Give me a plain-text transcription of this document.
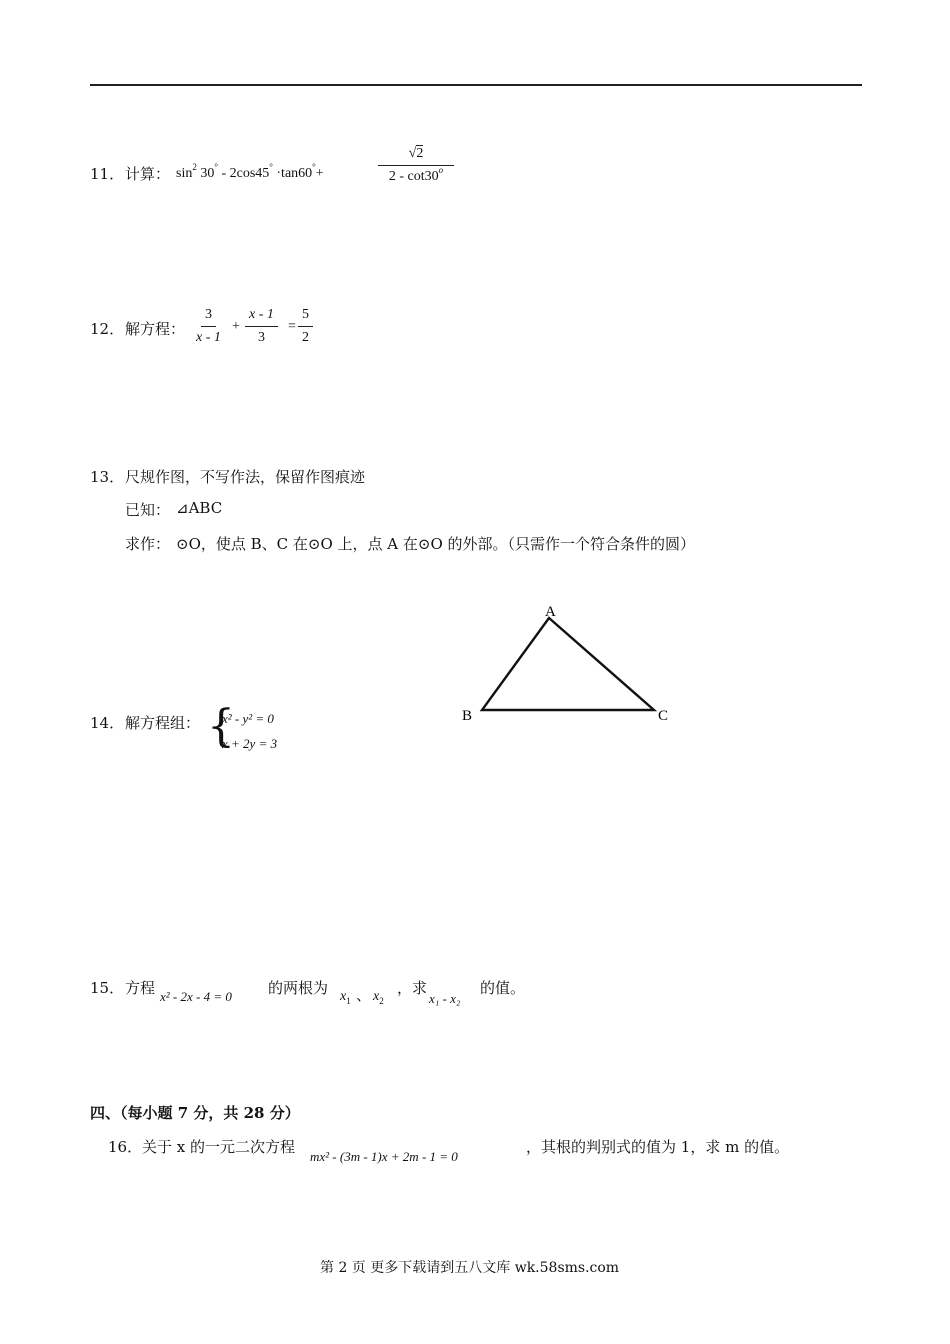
11． 计算： $\sin^2 30^\circ - 2\cos 45^\circ \cdot\tan 60^\circ+$	$\frac{√2}{2 - \cot 30^o}$
12． 解方程： $\frac{3}{x - 1} + \frac{x - 1}{3} = \frac{5}{2}$
13． 尺规作图，不写作法，保留作图痕迹
已知： ⊿ABC
求作： ⊙O，使点 B、C 在⊙O 上，点 A 在⊙O 的外部。（只需作一个符合条件的圆）
A
B	C
14． 解方程组： {
x² - y² = 0
x + 2y = 3
15． 方程 x² - 2x - 4 = 0 的两根为 $x_1$ 、 $x_2$
，求
x₁ - x₂
的值。
四、（每小题 7 分，共 28 分）
16． 关于 x 的一元二次方程
mx² - (3m - 1)x + 2m - 1 = 0
，其根的判别式的值为 1，求 m 的值。
第 2 页 更多下载请到五八文库 wk.58sms.com
